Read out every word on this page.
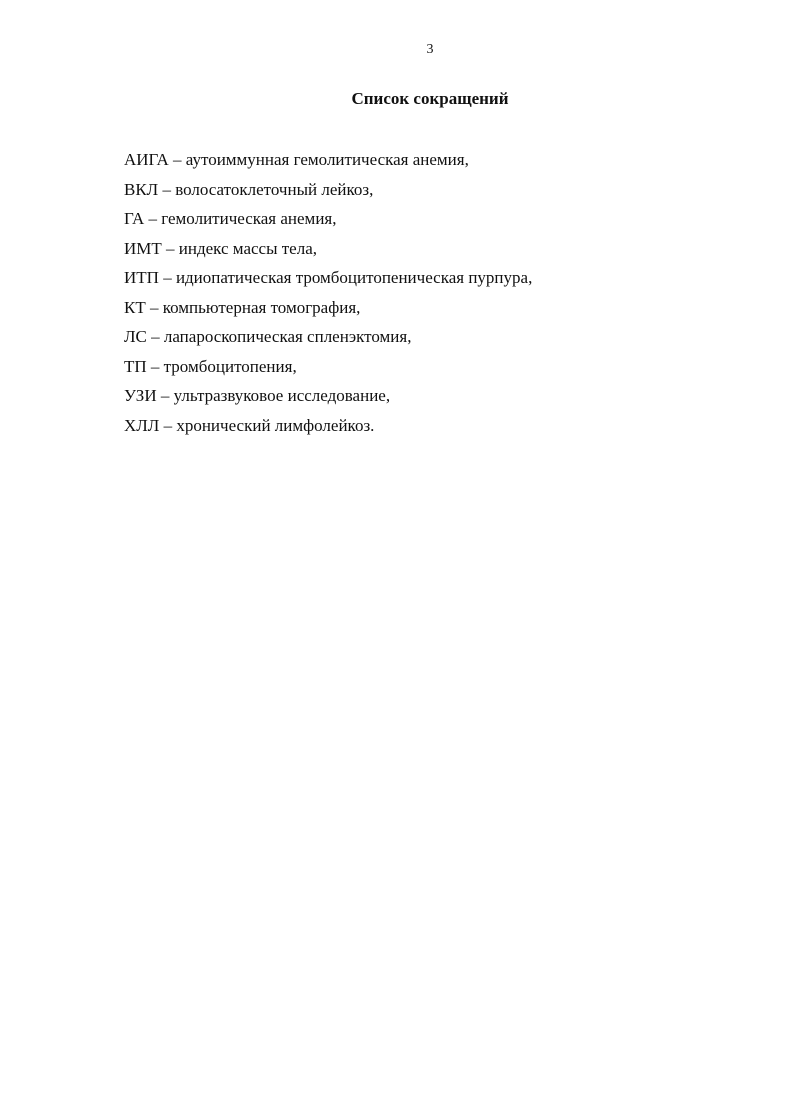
3
Список сокращений
АИГА – аутоиммунная гемолитическая анемия,
ВКЛ – волосатоклеточный лейкоз,
ГА – гемолитическая анемия,
ИМТ – индекс массы тела,
ИТП – идиопатическая тромбоцитопеническая пурпура,
КТ – компьютерная томография,
ЛС – лапароскопическая спленэктомия,
ТП – тромбоцитопения,
УЗИ – ультразвуковое исследование,
ХЛЛ – хронический лимфолейкоз.
